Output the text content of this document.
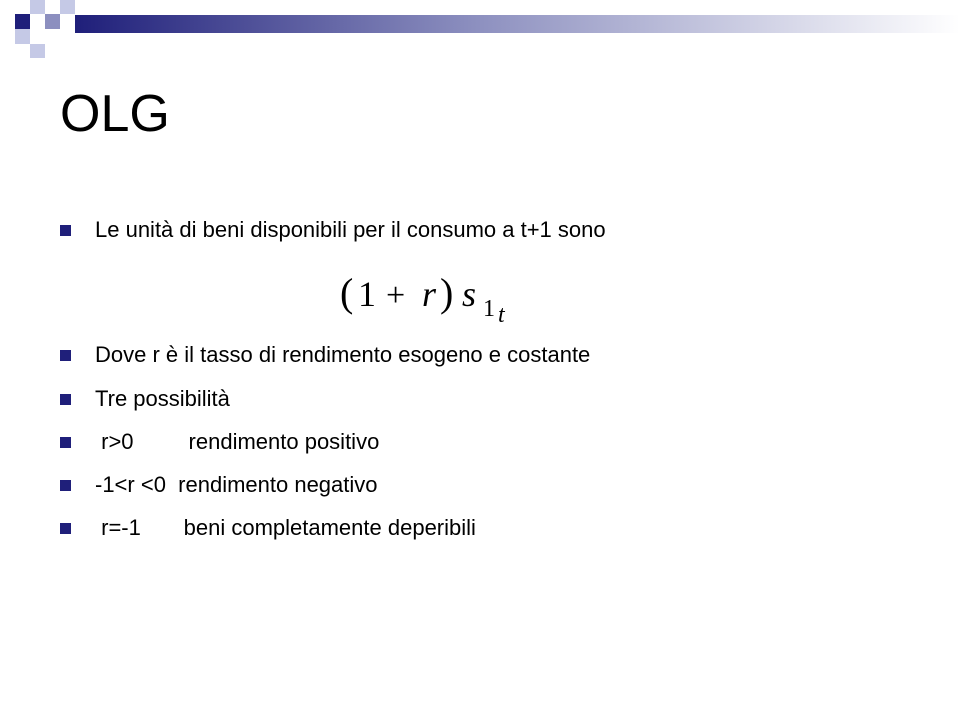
OLG
Le unità di beni disponibili per il consumo a t+1 sono
Dove r è il tasso di rendimento esogeno e costante
Tre possibilità
r>0         rendimento positivo
-1<r <0  rendimento negativo
r=-1       beni completamente deperibili
( 1 + r ) s 1 t
